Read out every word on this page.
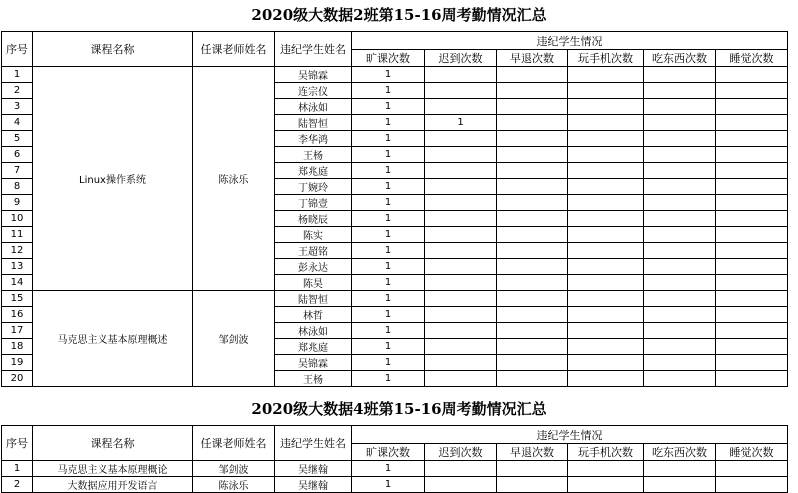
2020级大数据2班第15-16周考勤情况汇总
序号	课程名称	任课老师姓名	违纪学生姓名	违纪学生情况					
				旷课次数	迟到次数	早退次数	玩手机次数	吃东西次数	睡觉次数
1	Linux操作系统	陈泳乐	吴锦霖	1					
2			连宗仪	1					
3			林泳如	1					
4			陆智恒	1	1				
5			李华鸿	1					
6			王杨	1					
7			郑兆庭	1					
8			丁婉玲	1					
9			丁锦壹	1					
10			杨晓辰	1					
11			陈实	1					
12			王超铭	1					
13			彭永达	1					
14			陈昊	1					
15	马克思主义基本原理概述	邹剑波	陆智恒	1					
16			林哲	1					
17			林泳如	1					
18			郑兆庭	1					
19			吴锦霖	1					
20			王杨	1					
2020级大数据4班第15-16周考勤情况汇总
序号	课程名称	任课老师姓名	违纪学生姓名	违纪学生情况					
				旷课次数	迟到次数	早退次数	玩手机次数	吃东西次数	睡觉次数
1	马克思主义基本原理概论	邹剑波	吴继翰	1					
2	大数据应用开发语言	陈泳乐	吴继翰	1					
